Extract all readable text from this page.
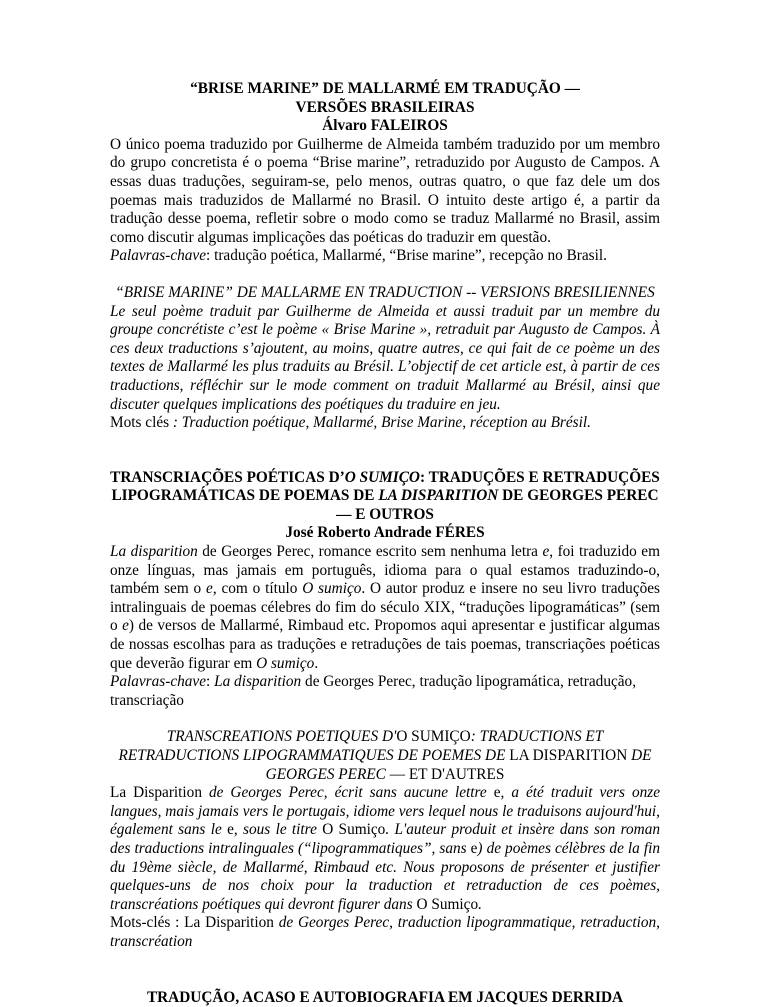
“BRISE MARINE” DE MALLARMÉ EM TRADUÇÃO —
VERSÕES BRASILEIRAS
Álvaro FALEIROS

O único poema traduzido por Guilherme de Almeida também traduzido por um membro do grupo concretista é o poema “Brise marine”, retraduzido por Augusto de Campos. A essas duas traduções, seguiram-se, pelo menos, outras quatro, o que faz dele um dos poemas mais traduzidos de Mallarmé no Brasil. O intuito deste artigo é, a partir da tradução desse poema, refletir sobre o modo como se traduz Mallarmé no Brasil, assim como discutir algumas implicações das poéticas do traduzir em questão.

Palavras-chave: tradução poética, Mallarmé, “Brise marine”, recepção no Brasil.

“BRISE MARINE” DE MALLARME EN TRADUCTION -- VERSIONS BRESILIENNES

Le seul poème traduit par Guilherme de Almeida et aussi traduit par un membre du groupe concrétiste c’est le poème « Brise Marine », retraduit par Augusto de Campos. À ces deux traductions s’ajoutent, au moins, quatre autres, ce qui fait de ce poème un des textes de Mallarmé les plus traduits au Brésil. L’objectif de cet article est, à partir de ces traductions, réfléchir sur le mode comment on traduit Mallarmé au Brésil, ainsi que discuter quelques implications des poétiques du traduire en jeu.

Mots clés : Traduction poétique, Mallarmé, Brise Marine, réception au Brésil.

TRANSCRIAÇÕES POÉTICAS D’O SUMIÇO: TRADUÇÕES E RETRADUÇÕES LIPOGRAMÁTICAS DE POEMAS DE LA DISPARITION DE GEORGES PEREC — E OUTROS
José Roberto Andrade FÉRES

La disparition de Georges Perec, romance escrito sem nenhuma letra e, foi traduzido em onze línguas, mas jamais em português, idioma para o qual estamos traduzindo-o, também sem o e, com o título O sumiço. O autor produz e insere no seu livro traduções intralinguais de poemas célebres do fim do século XIX, “traduções lipogramáticas” (sem o e) de versos de Mallarmé, Rimbaud etc. Propomos aqui apresentar e justificar algumas de nossas escolhas para as traduções e retraduções de tais poemas, transcriações poéticas que deverão figurar em O sumiço.

Palavras-chave: La disparition de Georges Perec, tradução lipogramática, retradução, transcriação

TRANSCREATIONS POETIQUES D'O SUMIÇO: TRADUCTIONS ET RETRADUCTIONS LIPOGRAMMATIQUES DE POEMES DE LA DISPARITION DE GEORGES PEREC — ET D'AUTRES

La Disparition de Georges Perec, écrit sans aucune lettre e, a été traduit vers onze langues, mais jamais vers le portugais, idiome vers lequel nous le traduisons aujourd'hui, également sans le e, sous le titre O Sumiço. L'auteur produit et insère dans son roman des traductions intralinguales (“lipogrammatiques”, sans e) de poèmes célèbres de la fin du 19ème siècle, de Mallarmé, Rimbaud etc. Nous proposons de présenter et justifier quelques-uns de nos choix pour la traduction et retraduction de ces poèmes, transcréations poétiques qui devront figurer dans O Sumiço.

Mots-clés : La Disparition de Georges Perec, traduction lipogrammatique, retraduction, transcréation

TRADUÇÃO, ACASO E AUTOBIOGRAFIA EM JACQUES DERRIDA
